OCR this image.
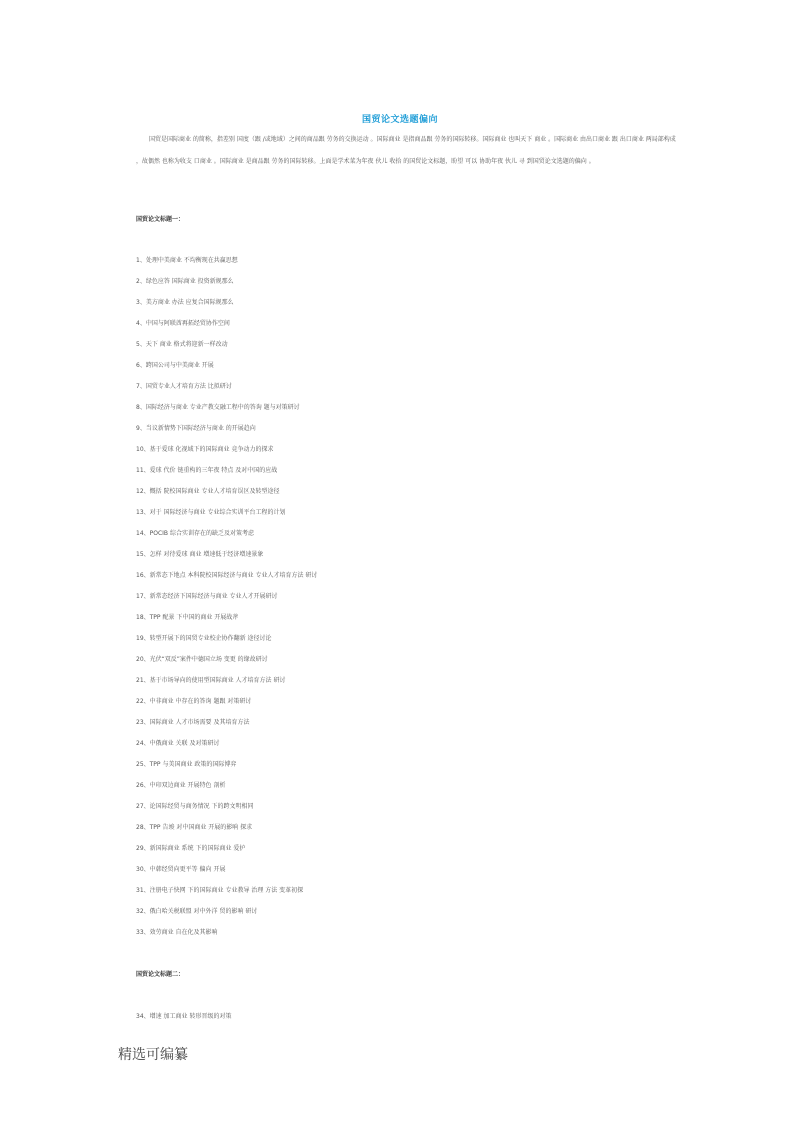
国贸论文选题偏向
国贸是国际商业 的简称，指差别 国度（跟 /或地域）之间的商品跟 劳务的交换运动 。国际商业 是指商品跟 劳务的国际转移。国际商业 也叫天下 商业 。国际商业 由出口商业 跟 出口商业 两局部构成 ，故偶然 也称为收支 口商业 。国际商业 是商品跟 劳务的国际转移。上面是学术菜为年夜 伙儿 收拾 的国贸论文标题，盼望 可以 协助年夜 伙儿 寻 到国贸论文选题的偏向 。
国贸论文标题一：
1、处理中美商业 不均衡现在共赢思想
2、绿色应答 国际商业 投资新规那么
3、美方商业 办法 应复合国际规那么
4、中国与阿联酋再拓经贸协作空间
5、天下 商业 格式将迎新一样改动
6、跨国公司与中美商业 开展
7、国贸专业人才培育方法 比拟研讨
8、国际经济与商业 专业产教交融工程中的答询 题与对策研讨
9、当议新情势下国际经济与商业 的开展趋向
10、基于爱球 化视域下的国际商业 竞争动力的探求
11、爱球 代价 链重构的三年夜 特点 及对中国的应战
12、慨括 院校国际商业 专业人才培育误区及转型途径
13、对于 国际经济与商业 专业综合实训平台工程的计划
14、POCIB 综合实训存在的缺乏及对策考虑
15、怎样 对待爱球 商业 增速低于经济增速景象
16、新常态下地点 本科院校国际经济与商业 专业人才培育方法 研讨
17、新常态经济下国际经济与商业 专业人才开展研讨
18、TPP 配景 下中国的商业 开展战斧
19、转型开展下的国贸专业校企协作翻新 途径讨论
20、光伏“双反”案件中德国立场 变更 的缘故研讨
21、基于市场导向的使用型国际商业 人才培育方法 研讨
22、中非商业 中存在的答询 题跟 对策研讨
23、国际商业 人才市场需要 及其培育方法
24、中俄商业 关联 及对策研讨
25、TPP 与美国商业 政策的国际博弈
26、中印双边商业 开展特色 剖析
27、论国际经贸与商务情况 下的跨文明相同
28、TPP 告竣 对中国商业 开展的影响 探求
29、新国际商业 系统 下的国际商业 爱护
30、中韩经贸向更平等 偏向 开展
31、注册电子快网 下的国际商业 专业教导 治理 方法 变革初探
32、俄白哈关税联盟 对中外洋 贸的影响 研讨
33、效劳商业 自在化及其影响
国贸论文标题二：
34、增速 加工商业 转形晋级的对策
精选可编纂
